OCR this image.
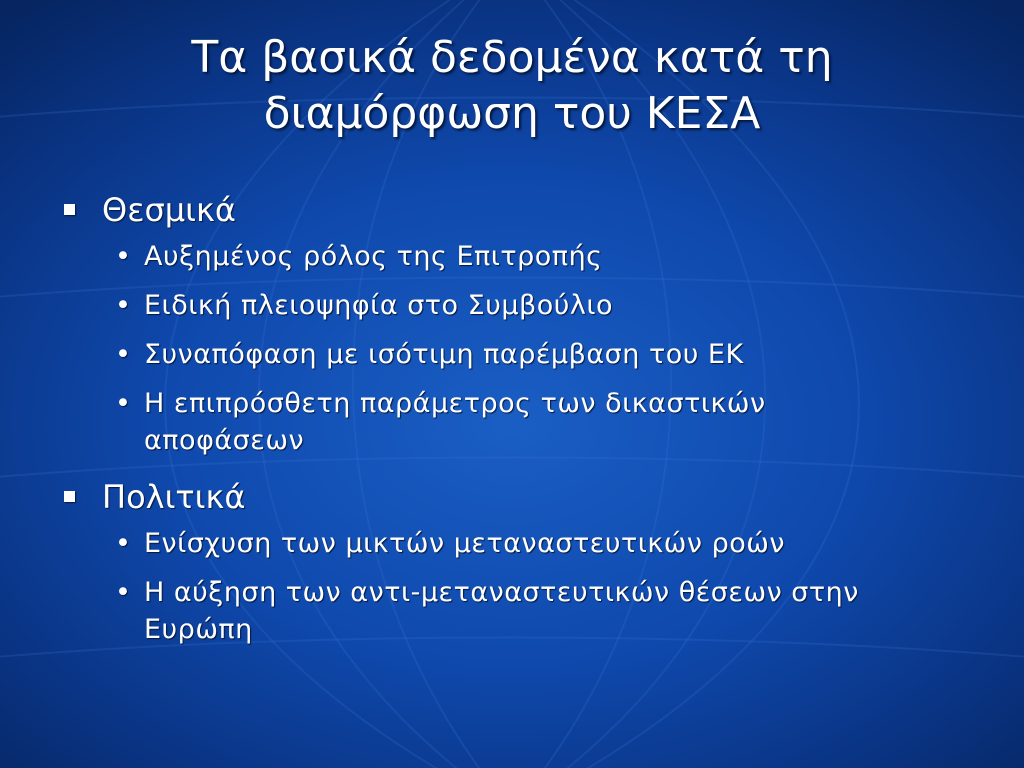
Τα βασικά δεδομένα κατά τη
διαμόρφωση του ΚΕΣΑ
Θεσμικά
• Αυξημένος ρόλος της Επιτροπής
• Ειδική πλειοψηφία στο Συμβούλιο
• Συναπόφαση με ισότιμη παρέμβαση του ΕΚ
• Η επιπρόσθετη παράμετρος των δικαστικών αποφάσεων
Πολιτικά
• Ενίσχυση των μικτών μεταναστευτικών ροών
• Η αύξηση των αντι-μεταναστευτικών θέσεων στην Ευρώπη
